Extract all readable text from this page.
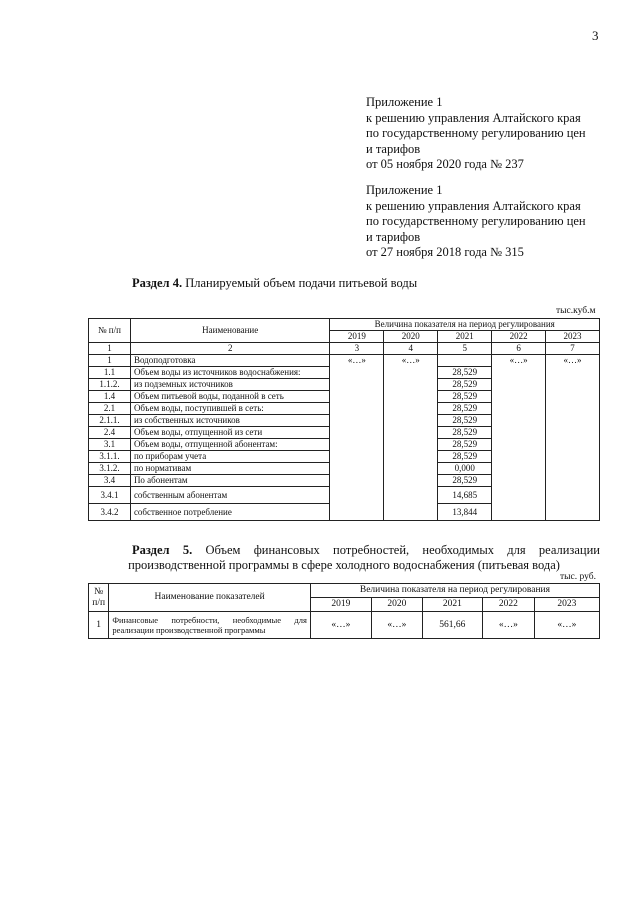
3
Приложение 1
к решению управления Алтайского края
по государственному регулированию цен
и тарифов
от 05 ноября 2020 года № 237
Приложение 1
к решению управления Алтайского края
по государственному регулированию цен
и тарифов
от 27 ноября 2018 года № 315
Раздел 4. Планируемый объем подачи питьевой воды
тыс.куб.м
№ п/п	Наименование	Величина показателя на период регулирования				
		2019	2020	2021	2022	2023
1	2	3	4	5	6	7
1	Водоподготовка	«…»	«…»		«…»	«…»
1.1	Объем воды из источников водоснабжения:			28,529		
1.1.2.	из подземных источников			28,529		
1.4	Объем питьевой воды, поданной в сеть			28,529		
2.1	Объем воды, поступившей в сеть:			28,529		
2.1.1.	из собственных источников			28,529		
2.4	Объем воды, отпущенной из сети			28,529		
3.1	Объем воды, отпущенной абонентам:			28,529		
3.1.1.	по приборам учета			28,529		
3.1.2.	по нормативам			0,000		
3.4	По абонентам			28,529		
3.4.1	собственным абонентам			14,685		
3.4.2	собственное потребление			13,844		
Раздел 5. Объем финансовых потребностей, необходимых для реализации
производственной программы в сфере холодного водоснабжения (питьевая вода)
тыс. руб.
№ п/п	Наименование показателей	Величина показателя на период регулирования				
		2019	2020	2021	2022	2023
1	Финансовые потребности, необходимые для реализации производственной программы	«…»	«…»	561,66	«…»	«…»
